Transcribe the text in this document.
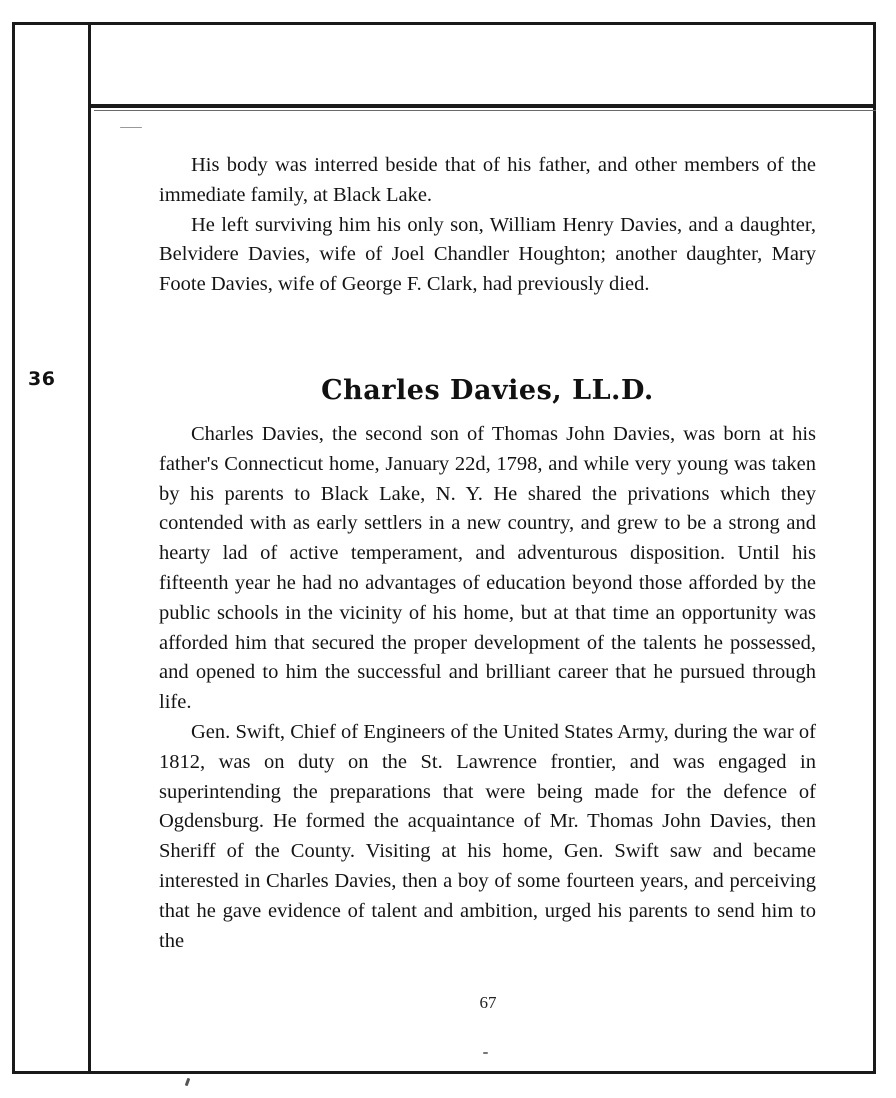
36

His body was interred beside that of his father, and other members of the immediate family, at Black Lake.

He left surviving him his only son, William Henry Davies, and a daughter, Belvidere Davies, wife of Joel Chandler Houghton; another daughter, Mary Foote Davies, wife of George F. Clark, had previously died.

Charles Davies, LL.D.

Charles Davies, the second son of Thomas John Davies, was born at his father's Connecticut home, January 22d, 1798, and while very young was taken by his parents to Black Lake, N. Y. He shared the privations which they contended with as early settlers in a new country, and grew to be a strong and hearty lad of active temperament, and adventurous disposition. Until his fifteenth year he had no advantages of education beyond those afforded by the public schools in the vicinity of his home, but at that time an opportunity was afforded him that secured the proper development of the talents he possessed, and opened to him the successful and brilliant career that he pursued through life.

Gen. Swift, Chief of Engineers of the United States Army, during the war of 1812, was on duty on the St. Lawrence frontier, and was engaged in superintending the preparations that were being made for the defence of Ogdensburg. He formed the acquaintance of Mr. Thomas John Davies, then Sheriff of the County. Visiting at his home, Gen. Swift saw and became interested in Charles Davies, then a boy of some fourteen years, and perceiving that he gave evidence of talent and ambition, urged his parents to send him to the

67
